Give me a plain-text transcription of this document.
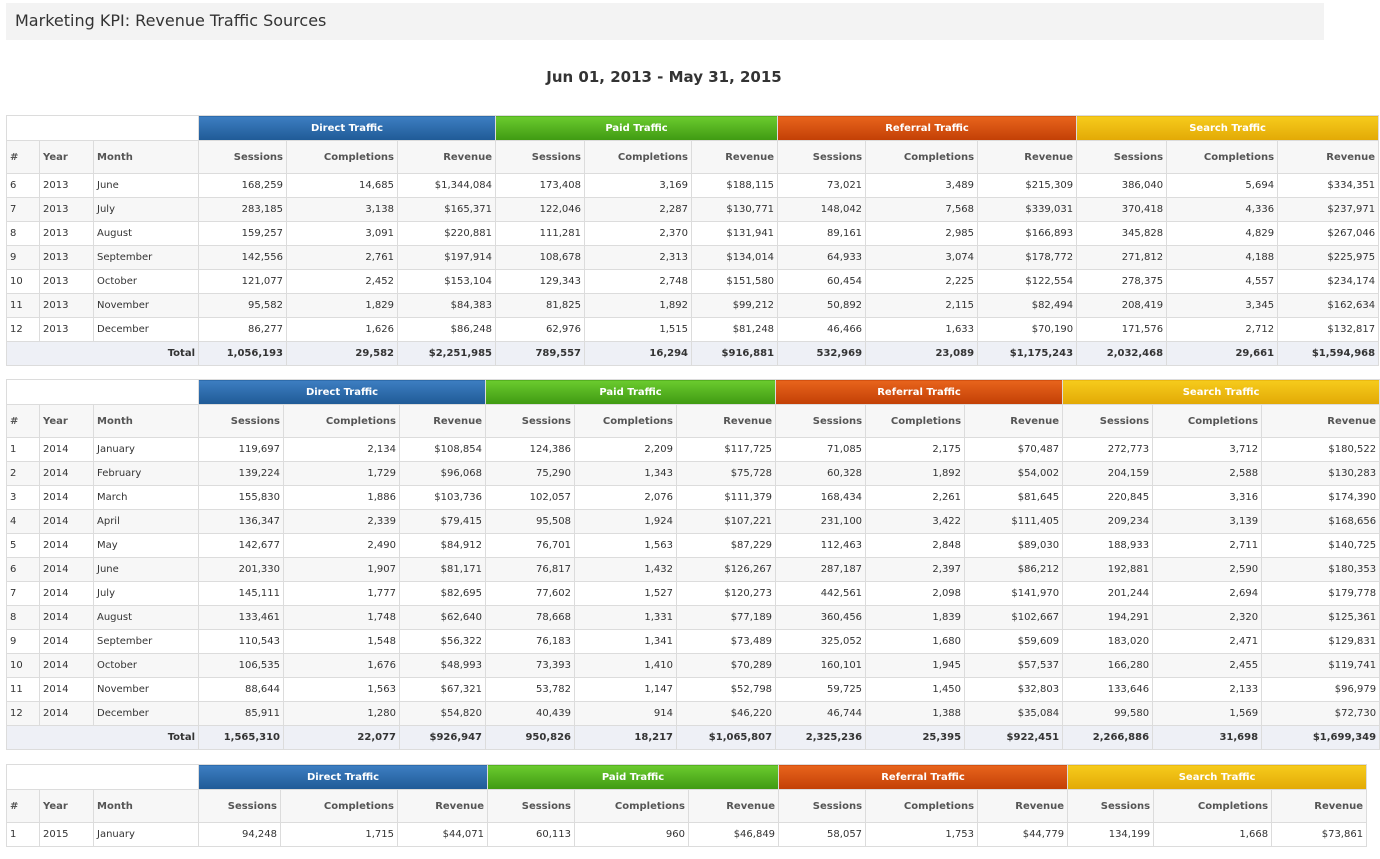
Marketing KPI: Revenue Traffic Sources
Jun 01, 2013 - May 31, 2015
			Direct Traffic			Paid Traffic			Referral Traffic			Search Traffic		
#	Year	Month	Sessions	Completions	Revenue	Sessions	Completions	Revenue	Sessions	Completions	Revenue	Sessions	Completions	Revenue
6	2013	June	168,259	14,685	$1,344,084	173,408	3,169	$188,115	73,021	3,489	$215,309	386,040	5,694	$334,351
7	2013	July	283,185	3,138	$165,371	122,046	2,287	$130,771	148,042	7,568	$339,031	370,418	4,336	$237,971
8	2013	August	159,257	3,091	$220,881	111,281	2,370	$131,941	89,161	2,985	$166,893	345,828	4,829	$267,046
9	2013	September	142,556	2,761	$197,914	108,678	2,313	$134,014	64,933	3,074	$178,772	271,812	4,188	$225,975
10	2013	October	121,077	2,452	$153,104	129,343	2,748	$151,580	60,454	2,225	$122,554	278,375	4,557	$234,174
11	2013	November	95,582	1,829	$84,383	81,825	1,892	$99,212	50,892	2,115	$82,494	208,419	3,345	$162,634
12	2013	December	86,277	1,626	$86,248	62,976	1,515	$81,248	46,466	1,633	$70,190	171,576	2,712	$132,817
Total			1,056,193	29,582	$2,251,985	789,557	16,294	$916,881	532,969	23,089	$1,175,243	2,032,468	29,661	$1,594,968
			Direct Traffic			Paid Traffic			Referral Traffic			Search Traffic		
#	Year	Month	Sessions	Completions	Revenue	Sessions	Completions	Revenue	Sessions	Completions	Revenue	Sessions	Completions	Revenue
1	2014	January	119,697	2,134	$108,854	124,386	2,209	$117,725	71,085	2,175	$70,487	272,773	3,712	$180,522
2	2014	February	139,224	1,729	$96,068	75,290	1,343	$75,728	60,328	1,892	$54,002	204,159	2,588	$130,283
3	2014	March	155,830	1,886	$103,736	102,057	2,076	$111,379	168,434	2,261	$81,645	220,845	3,316	$174,390
4	2014	April	136,347	2,339	$79,415	95,508	1,924	$107,221	231,100	3,422	$111,405	209,234	3,139	$168,656
5	2014	May	142,677	2,490	$84,912	76,701	1,563	$87,229	112,463	2,848	$89,030	188,933	2,711	$140,725
6	2014	June	201,330	1,907	$81,171	76,817	1,432	$126,267	287,187	2,397	$86,212	192,881	2,590	$180,353
7	2014	July	145,111	1,777	$82,695	77,602	1,527	$120,273	442,561	2,098	$141,970	201,244	2,694	$179,778
8	2014	August	133,461	1,748	$62,640	78,668	1,331	$77,189	360,456	1,839	$102,667	194,291	2,320	$125,361
9	2014	September	110,543	1,548	$56,322	76,183	1,341	$73,489	325,052	1,680	$59,609	183,020	2,471	$129,831
10	2014	October	106,535	1,676	$48,993	73,393	1,410	$70,289	160,101	1,945	$57,537	166,280	2,455	$119,741
11	2014	November	88,644	1,563	$67,321	53,782	1,147	$52,798	59,725	1,450	$32,803	133,646	2,133	$96,979
12	2014	December	85,911	1,280	$54,820	40,439	914	$46,220	46,744	1,388	$35,084	99,580	1,569	$72,730
Total			1,565,310	22,077	$926,947	950,826	18,217	$1,065,807	2,325,236	25,395	$922,451	2,266,886	31,698	$1,699,349
			Direct Traffic			Paid Traffic			Referral Traffic			Search Traffic		
#	Year	Month	Sessions	Completions	Revenue	Sessions	Completions	Revenue	Sessions	Completions	Revenue	Sessions	Completions	Revenue
1	2015	January	94,248	1,715	$44,071	60,113	960	$46,849	58,057	1,753	$44,779	134,199	1,668	$73,861
